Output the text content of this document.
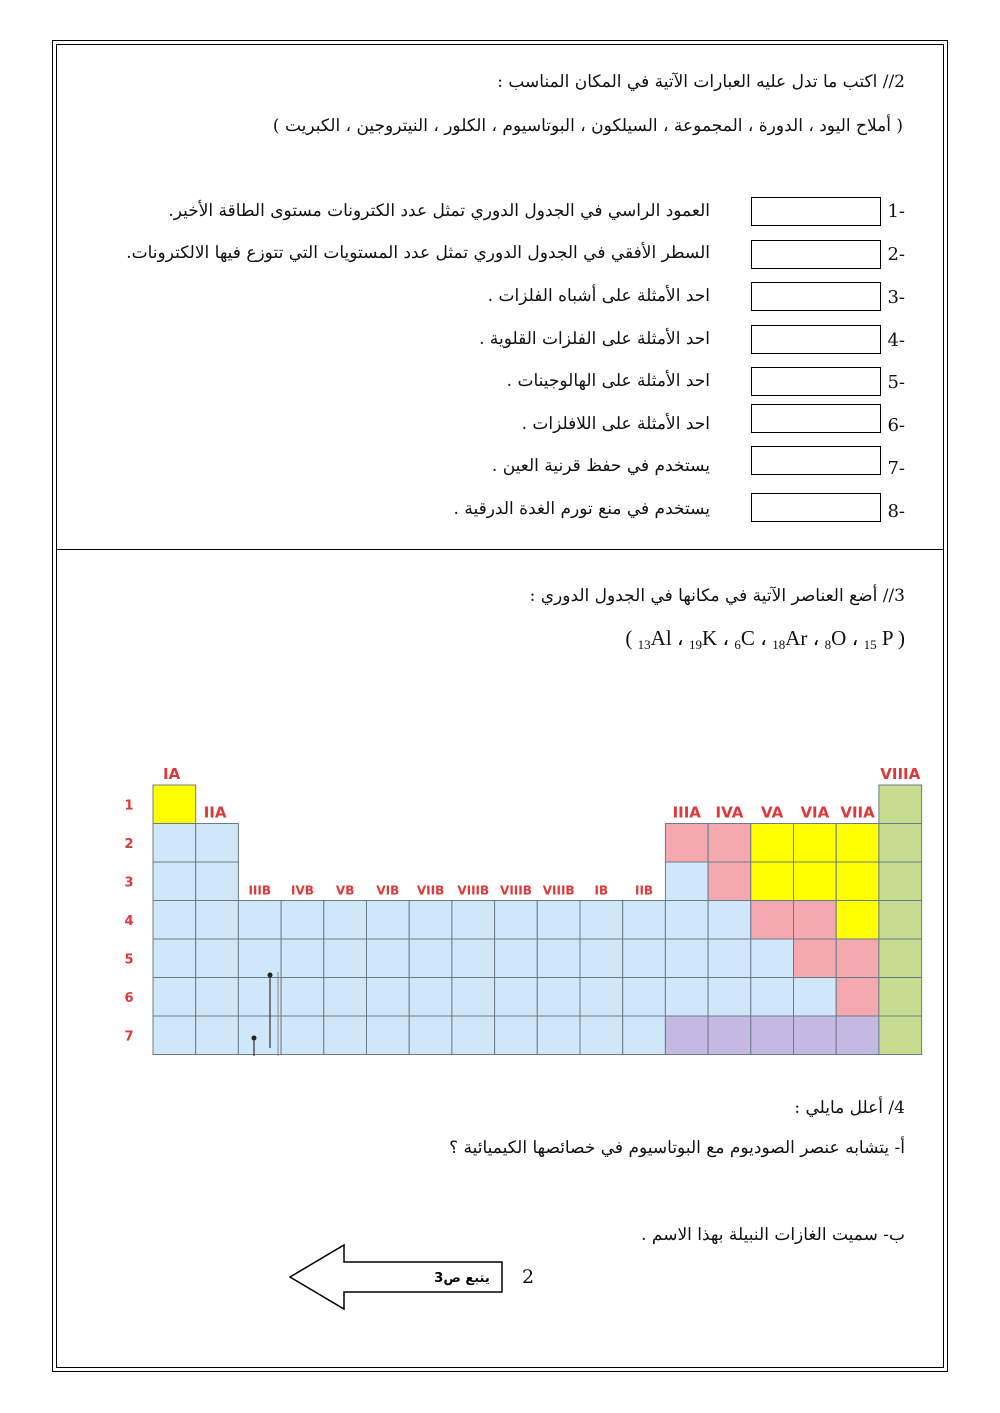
2// اكتب ما تدل عليه العبارات الآتية في المكان المناسب :
( أملاح اليود ، الدورة ، المجموعة ، السيلكون ، البوتاسيوم ، الكلور ، النيتروجين ، الكبريت )
1-
العمود الراسي في الجدول الدوري تمثل عدد الكترونات مستوى الطاقة الأخير.
2-
السطر الأفقي في الجدول الدوري تمثل عدد المستويات التي تتوزع فيها الالكترونات.
3-
احد الأمثلة على أشباه الفلزات .
4-
احد الأمثلة على الفلزات القلوية .
5-
احد الأمثلة على الهالوجينات .
6-
احد الأمثلة على اللافلزات .
7-
يستخدم في حفظ قرنية العين .
8-
يستخدم في منع تورم الغدة الدرقية .
3// أضع العناصر الآتية في مكانها في الجدول الدوري :
( $_{13}$Al ، $_{19}$K ، $_6$C ، $_{18}$Ar ، $_8$O ، $_{15}$ P )
1
2
3
4
5
6
7
IA
IIA
IIIB IVB VB VIB VIIB VIIIB VIIIB VIIIB IB IIB
IIIA IVA VA VIA VIIA
VIIIA
4/ أعلل مايلي :
أ- يتشابه عنصر الصوديوم مع البوتاسيوم في خصائصها الكيميائية ؟
ب- سميت الغازات النبيلة بهذا الاسم .
يتبع ص3 2
